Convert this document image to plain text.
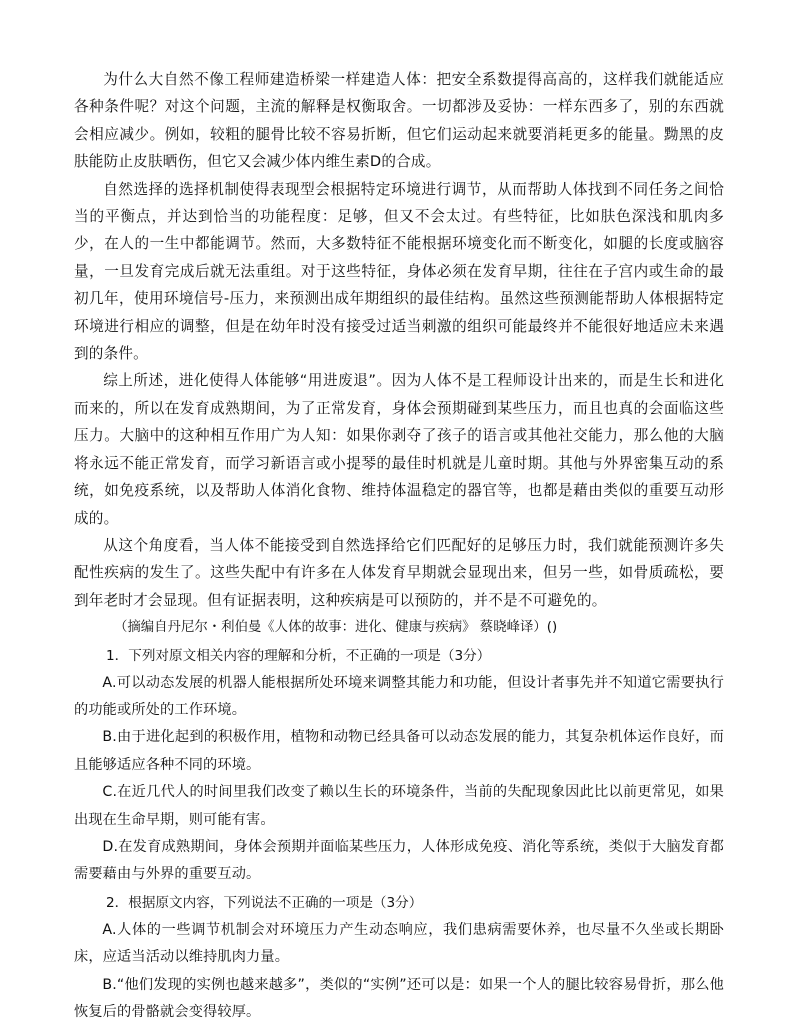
为什么大自然不像工程师建造桥梁一样建造人体：把安全系数提得高高的，这样我们就能适应各种条件呢？对这个问题，主流的解释是权衡取舍。一切都涉及妥协：一样东西多了，别的东西就会相应减少。例如，较粗的腿骨比较不容易折断，但它们运动起来就要消耗更多的能量。黝黑的皮肤能防止皮肤晒伤，但它又会减少体内维生素D的合成。

自然选择的选择机制使得表现型会根据特定环境进行调节，从而帮助人体找到不同任务之间恰当的平衡点，并达到恰当的功能程度：足够，但又不会太过。有些特征，比如肤色深浅和肌肉多少，在人的一生中都能调节。然而，大多数特征不能根据环境变化而不断变化，如腿的长度或脑容量，一旦发育完成后就无法重组。对于这些特征，身体必须在发育早期，往往在子宫内或生命的最初几年，使用环境信号-压力，来预测出成年期组织的最佳结构。虽然这些预测能帮助人体根据特定环境进行相应的调整，但是在幼年时没有接受过适当刺激的组织可能最终并不能很好地适应未来遇到的条件。

综上所述，进化使得人体能够“用进废退”。因为人体不是工程师设计出来的，而是生长和进化而来的，所以在发育成熟期间，为了正常发育，身体会预期碰到某些压力，而且也真的会面临这些压力。大脑中的这种相互作用广为人知：如果你剥夺了孩子的语言或其他社交能力，那么他的大脑将永远不能正常发育，而学习新语言或小提琴的最佳时机就是儿童时期。其他与外界密集互动的系统，如免疫系统，以及帮助人体消化食物、维持体温稳定的器官等，也都是藉由类似的重要互动形成的。

从这个角度看，当人体不能接受到自然选择给它们匹配好的足够压力时，我们就能预测许多失配性疾病的发生了。这些失配中有许多在人体发育早期就会显现出来，但另一些，如骨质疏松，要到年老时才会显现。但有证据表明，这种疾病是可以预防的，并不是不可避免的。

（摘编自丹尼尔・利伯曼《人体的故事：进化、健康与疾病》 蔡晓峰译）()

1．下列对原文相关内容的理解和分析，不正确的一项是（3分）

A.可以动态发展的机器人能根据所处环境来调整其能力和功能，但设计者事先并不知道它需要执行的功能或所处的工作环境。

B.由于进化起到的积极作用，植物和动物已经具备可以动态发展的能力，其复杂机体运作良好，而且能够适应各种不同的环境。

C.在近几代人的时间里我们改变了赖以生长的环境条件，当前的失配现象因此比以前更常见，如果出现在生命早期，则可能有害。

D.在发育成熟期间，身体会预期并面临某些压力，人体形成免疫、消化等系统，类似于大脑发育都需要藉由与外界的重要互动。

2．根据原文内容，下列说法不正确的一项是（3分）

A.人体的一些调节机制会对环境压力产生动态响应，我们患病需要休养，也尽量不久坐或长期卧床，应适当活动以维持肌肉力量。

B.“他们发现的实例也越来越多”，类似的“实例”还可以是：如果一个人的腿比较容易骨折，那么他恢复后的骨骼就会变得较厚。
